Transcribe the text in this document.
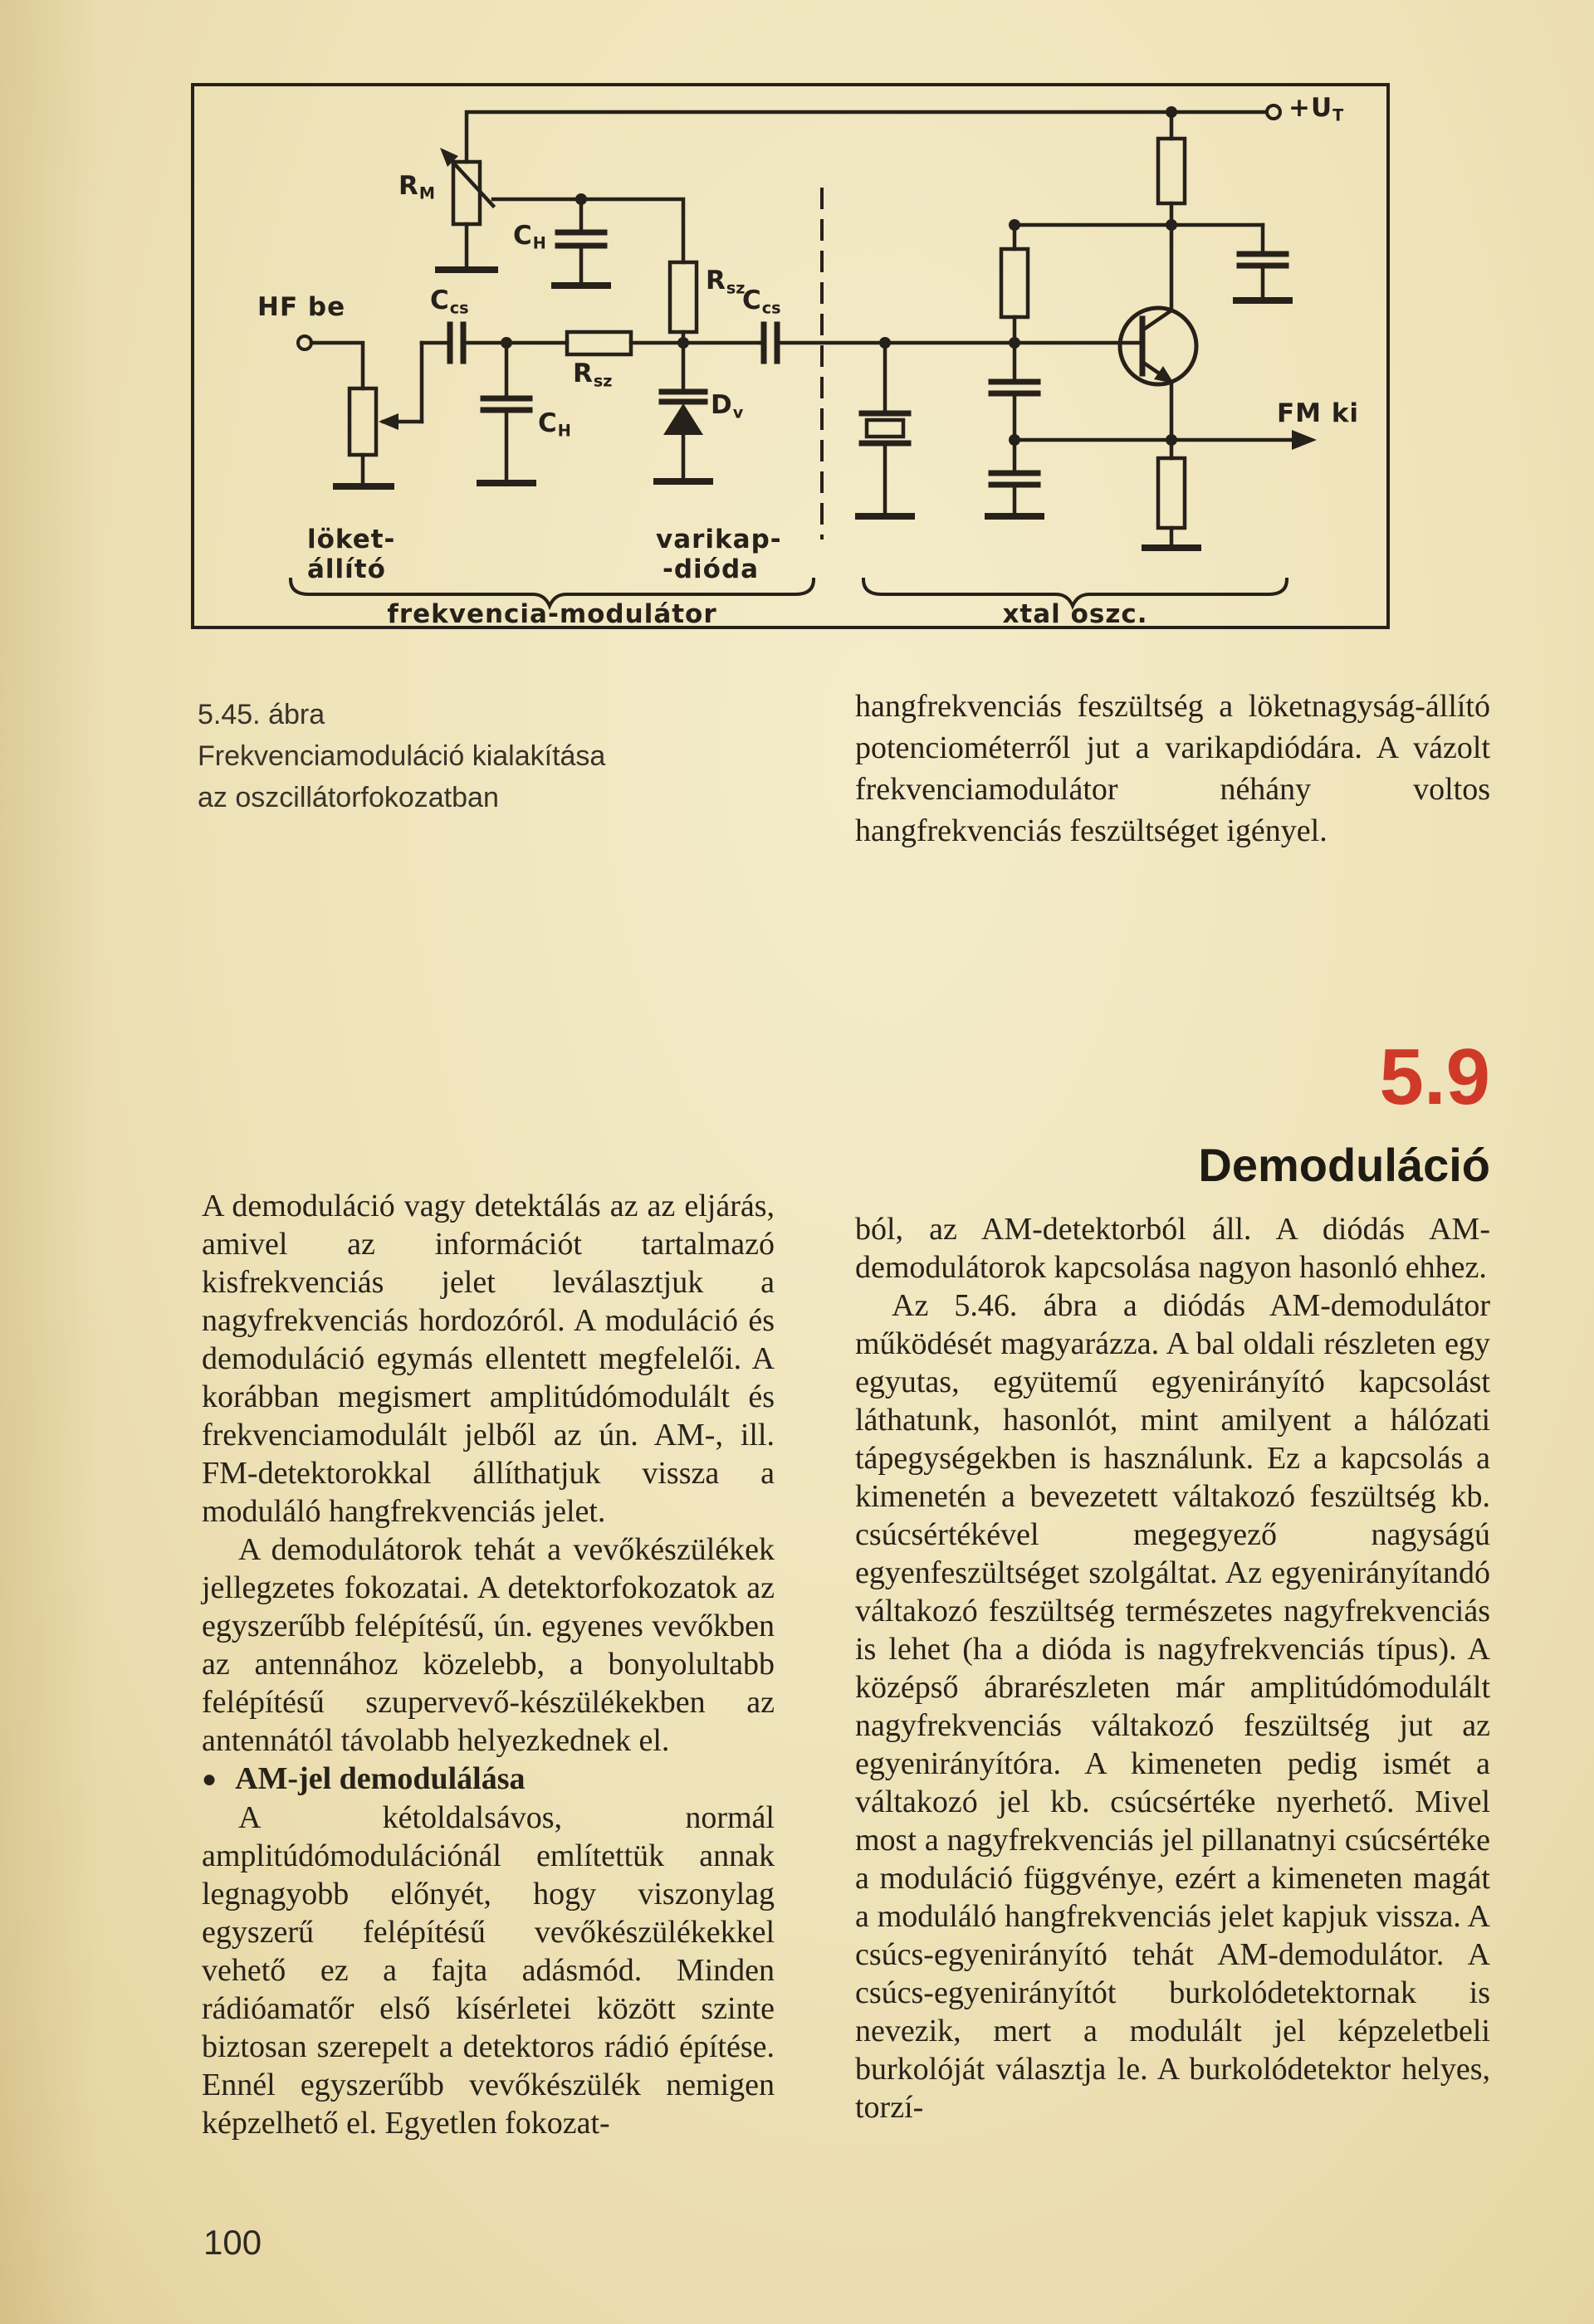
$+U_T$
$R_M$
$C_H$
$R_{sz}$
HF be	$C_{cs}$
$C_H$
$R_{sz}$
$D_v$
$C_{cs}$
FM ki
löket-
állító
varikap-
-dióda
frekvencia-modulátor	xtal oszc.
5.45. ábra
Frekvenciamoduláció kialakítása
az oszcillátorfokozatban

hangfrekvenciás feszültség a löketnagyság-állító potenciométerről jut a varikapdiódára. A vázolt frekvenciamodulátor néhány voltos hangfrekvenciás feszültséget igényel.

5.9
Demoduláció

A demoduláció vagy detektálás az az eljárás, amivel az információt tartalmazó kisfrekvenciás jelet leválasztjuk a nagyfrekvenciás hordozóról. A moduláció és demoduláció egymás ellentett megfelelői. A korábban megismert amplitúdómodulált és frekvenciamodulált jelből az ún. AM-, ill. FM-detektorokkal állíthatjuk vissza a moduláló hangfrekvenciás jelet.

A demodulátorok tehát a vevőkészülékek jellegzetes fokozatai. A detektorfokozatok az egyszerűbb felépítésű, ún. egyenes vevőkben az antennához közelebb, a bonyolultabb felépítésű szupervevő-készülékekben az antennától távolabb helyezkednek el.

● AM-jel demodulálása

A kétoldalsávos, normál amplitúdómodulációnál említettük annak legnagyobb előnyét, hogy viszonylag egyszerű felépítésű vevőkészülékekkel vehető ez a fajta adásmód. Minden rádióamatőr első kísérletei között szinte biztosan szerepelt a detektoros rádió építése. Ennél egyszerűbb vevőkészülék nemigen képzelhető el. Egyetlen fokozat-

ból, az AM-detektorból áll. A diódás AM-demodulátorok kapcsolása nagyon hasonló ehhez.

Az 5.46. ábra a diódás AM-demodulátor működését magyarázza. A bal oldali részleten egy egyutas, együtemű egyenirányító kapcsolást láthatunk, hasonlót, mint amilyent a hálózati tápegységekben is használunk. Ez a kapcsolás a kimenetén a bevezetett váltakozó feszültség kb. csúcsértékével megegyező nagyságú egyenfeszültséget szolgáltat. Az egyenirányítandó váltakozó feszültség természetes nagyfrekvenciás is lehet (ha a dióda is nagyfrekvenciás típus). A középső ábrarészleten már amplitúdómodulált nagyfrekvenciás váltakozó feszültség jut az egyenirányítóra. A kimeneten pedig ismét a váltakozó jel kb. csúcsértéke nyerhető. Mivel most a nagyfrekvenciás jel pillanatnyi csúcsértéke a moduláció függvénye, ezért a kimeneten magát a moduláló hangfrekvenciás jelet kapjuk vissza. A csúcs-egyenirányító tehát AM-demodulátor. A csúcs-egyenirányítót burkolódetektornak is nevezik, mert a modulált jel képzeletbeli burkolóját választja le. A burkolódetektor helyes, torzí-

100
